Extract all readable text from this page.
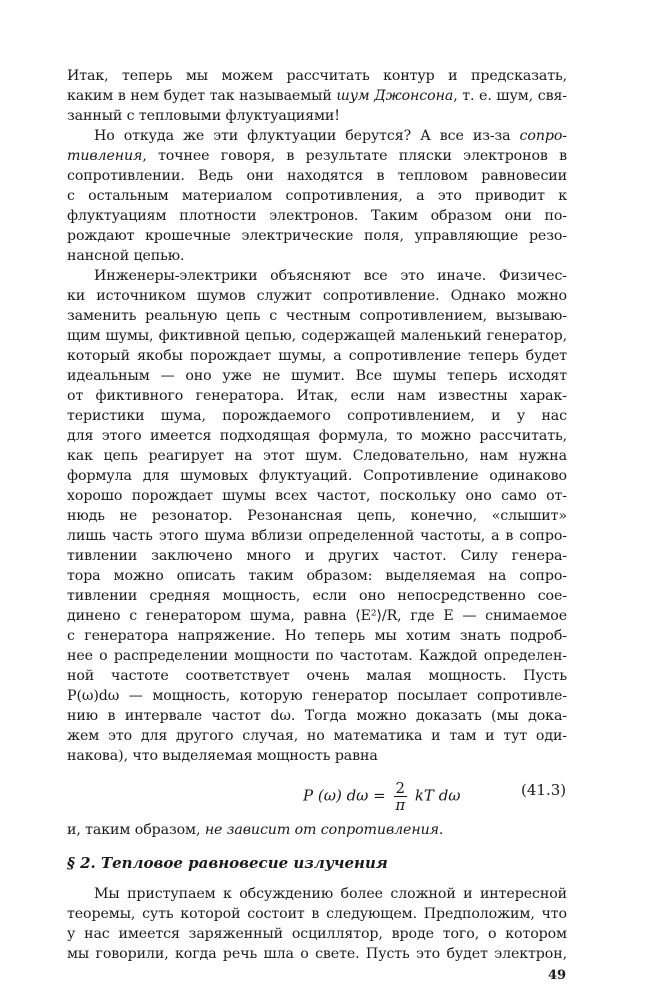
Итак, теперь мы можем рассчитать контур и предсказать,
каким в нем будет так называемый шум Джонсона, т. е. шум, свя-
занный с тепловыми флуктуациями!
Но откуда же эти флуктуации берутся? А все из-за сопро-
тивления, точнее говоря, в результате пляски электронов в
сопротивлении. Ведь они находятся в тепловом равновесии
с остальным материалом сопротивления, а это приводит к
флуктуациям плотности электронов. Таким образом они по-
рождают крошечные электрические поля, управляющие резо-
нансной цепью.
Инженеры-электрики объясняют все это иначе. Физичес-
ки источником шумов служит сопротивление. Однако можно
заменить реальную цепь с честным сопротивлением, вызываю-
щим шумы, фиктивной цепью, содержащей маленький генератор,
который якобы порождает шумы, а сопротивление теперь будет
идеальным — оно уже не шумит. Все шумы теперь исходят
от фиктивного генератора. Итак, если нам известны харак-
теристики шума, порождаемого сопротивлением, и у нас
для этого имеется подходящая формула, то можно рассчитать,
как цепь реагирует на этот шум. Следовательно, нам нужна
формула для шумовых флуктуаций. Сопротивление одинаково
хорошо порождает шумы всех частот, поскольку оно само от-
нюдь не резонатор. Резонансная цепь, конечно, «слышит»
лишь часть этого шума вблизи определенной частоты, а в сопро-
тивлении заключено много и других частот. Силу генера-
тора можно описать таким образом: выделяемая на сопро-
тивлении средняя мощность, если оно непосредственно сое-
динено с генератором шума, равна ⟨E²⟩/R, где E — снимаемое
с генератора напряжение. Но теперь мы хотим знать подроб-
нее о распределении мощности по частотам. Каждой определен-
ной частоте соответствует очень малая мощность. Пусть
P(ω)dω — мощность, которую генератор посылает сопротивле-
нию в интервале частот dω. Тогда можно доказать (мы дока-
жем это для другого случая, но математика и там и тут оди-
накова), что выделяемая мощность равна
P (ω) $d\omega = \frac{2}{\pi}$ kT dω	(41.3)
и, таким образом, не зависит от сопротивления.
§ 2. Тепловое равновесие излучения
Мы приступаем к обсуждению более сложной и интересной
теоремы, суть которой состоит в следующем. Предположим, что
у нас имеется заряженный осциллятор, вроде того, о котором
мы говорили, когда речь шла о свете. Пусть это будет электрон,
49
